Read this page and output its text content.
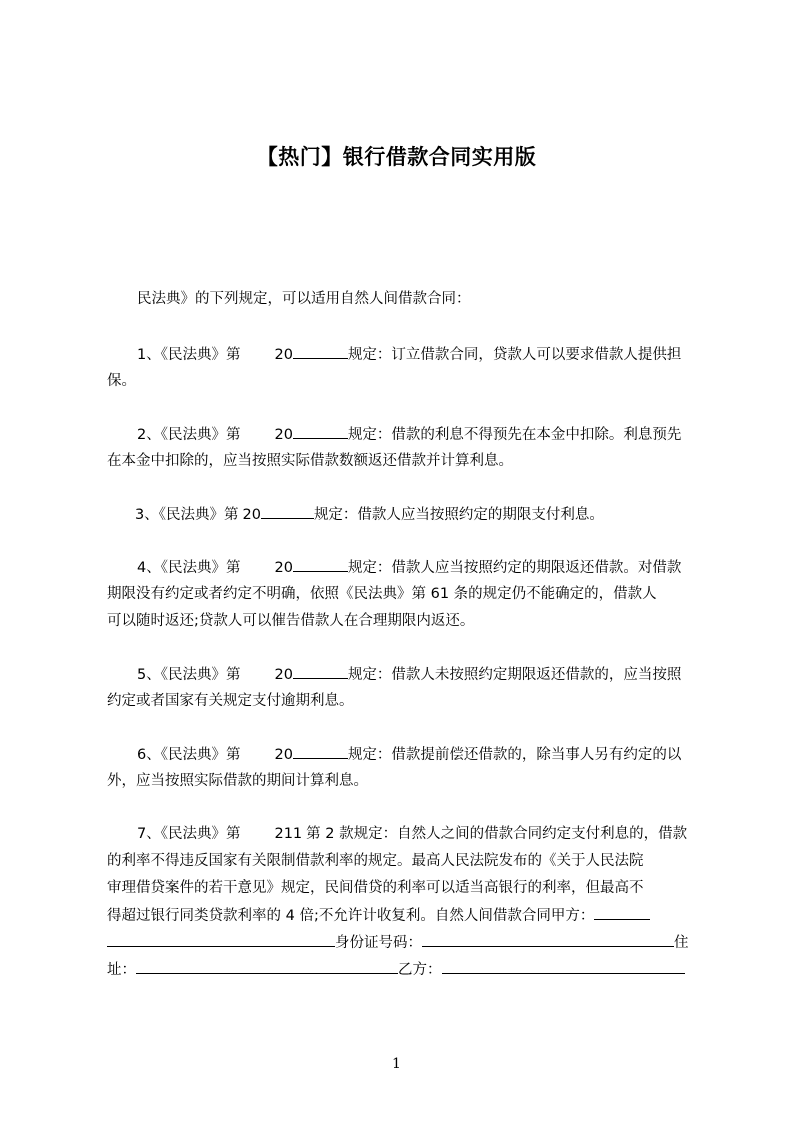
【热门】银行借款合同实用版
民法典》的下列规定，可以适用自然人间借款合同：
1、《民法典》第 20	规定：订立借款合同，贷款人可以要求借款人提供担
保。
2、《民法典》第 20	规定：借款的利息不得预先在本金中扣除。利息预先
在本金中扣除的，应当按照实际借款数额返还借款并计算利息。
3、《民法典》第 20	规定：借款人应当按照约定的期限支付利息。
4、《民法典》第 20	规定：借款人应当按照约定的期限返还借款。对借款
期限没有约定或者约定不明确，依照《民法典》第 61 条的规定仍不能确定的，借款人
可以随时返还;贷款人可以催告借款人在合理期限内返还。
5、《民法典》第 20	规定：借款人未按照约定期限返还借款的，应当按照
约定或者国家有关规定支付逾期利息。
6、《民法典》第 20	规定：借款提前偿还借款的，除当事人另有约定的以
外，应当按照实际借款的期间计算利息。
7、《民法典》第 211 第 2 款规定：自然人之间的借款合同约定支付利息的，借款
的利率不得违反国家有关限制借款利率的规定。最高人民法院发布的《关于人民法院
审理借贷案件的若干意见》规定，民间借贷的利率可以适当高银行的利率，但最高不
得超过银行同类贷款利率的 4 倍;不允许计收复利。自然人间借款合同甲方：
身份证号码：	住
址：	乙方：
1
